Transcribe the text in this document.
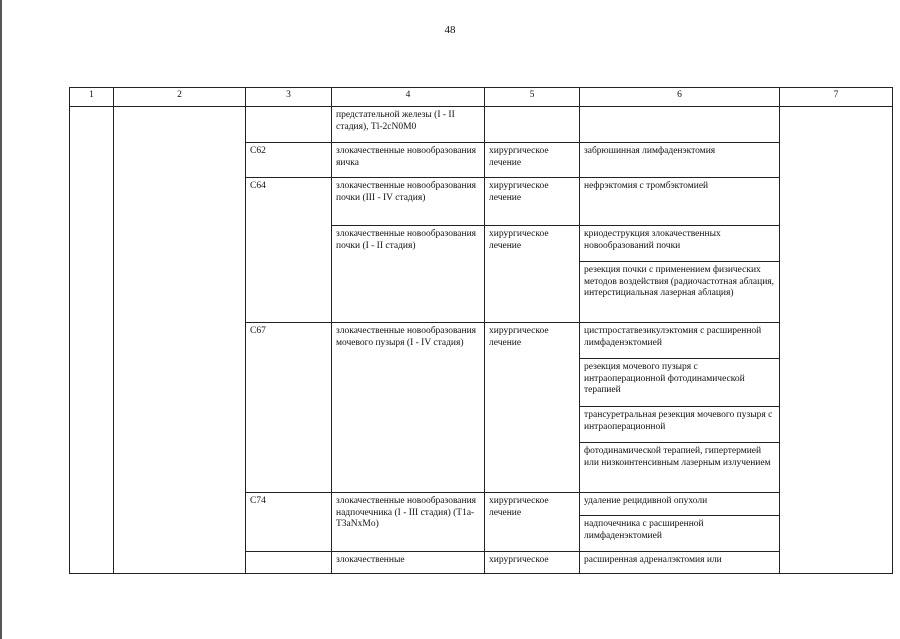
48
1	2	3	4	5	6	7
			предстательной железы (I - II стадия), Tl-2cN0M0			
		C62	злокачественные новообразования яичка	хирургическое лечение	забрюшинная лимфаденэктомия	
		C64	злокачественные новообразования почки (III - IV стадия)	хирургическое лечение	нефрэктомия с тромбэктомией	
			злокачественные новообразования почки (I - II стадия)	хирургическое лечение	криодеструкция злокачественных новообразований почки	
					резекция почки с применением физических методов воздействия (радиочастотная аблация, интерстициальная лазерная аблация)	
		C67	злокачественные новообразования мочевого пузыря (I - IV стадия)	хирургическое лечение	цистпростатвезикулэктомия с расширенной лимфаденэктомией	
					резекция мочевого пузыря с интраоперационной фотодинамической терапией	
					трансуретральная резекция мочевого пузыря с интраоперационной	
					фотодинамической терапией, гипертермией или низкоинтенсивным лазерным излучением	
		C74	злокачественные новообразования надпочечника (I - III стадия) (T1a-T3aNxMo)	хирургическое лечение	удаление рецидивной опухоли	
					надпочечника с расширенной лимфаденэктомией	
			злокачественные	хирургическое	расширенная адреналэктомия или	
